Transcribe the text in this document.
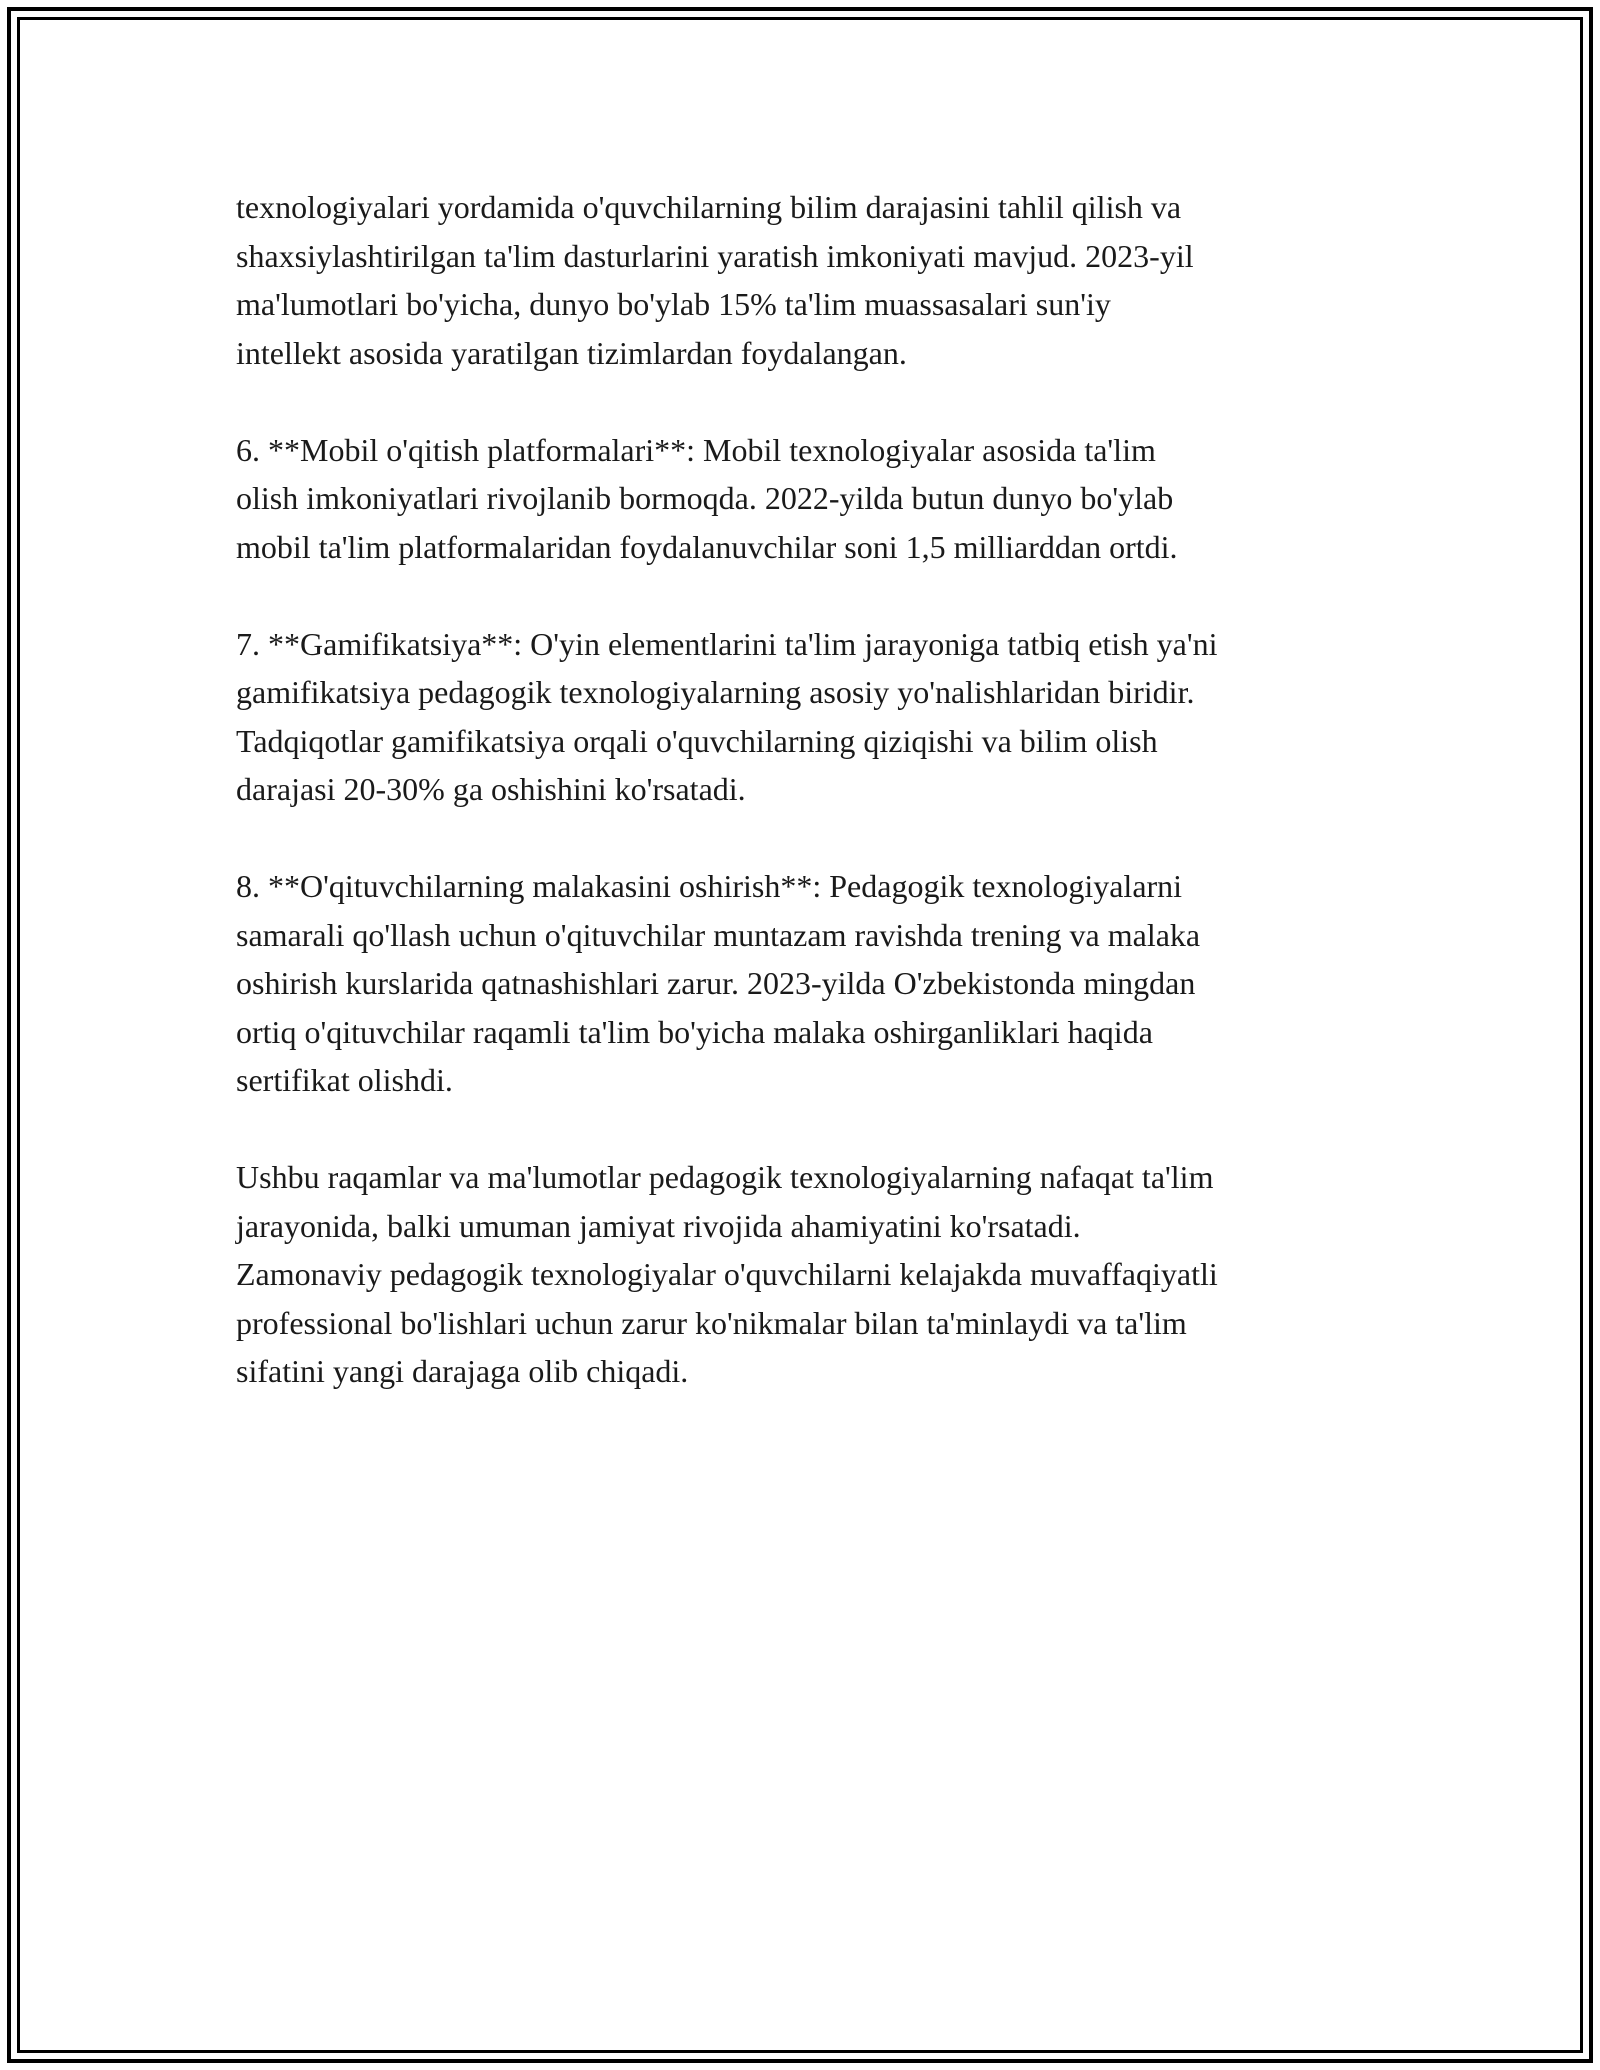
texnologiyalari yordamida o'quvchilarning bilim darajasini tahlil qilish va
shaxsiylashtirilgan ta'lim dasturlarini yaratish imkoniyati mavjud. 2023-yil
ma'lumotlari bo'yicha, dunyo bo'ylab 15% ta'lim muassasalari sun'iy
intellekt asosida yaratilgan tizimlardan foydalangan.

6. **Mobil o'qitish platformalari**: Mobil texnologiyalar asosida ta'lim
olish imkoniyatlari rivojlanib bormoqda. 2022-yilda butun dunyo bo'ylab
mobil ta'lim platformalaridan foydalanuvchilar soni 1,5 milliarddan ortdi.

7. **Gamifikatsiya**: O'yin elementlarini ta'lim jarayoniga tatbiq etish ya'ni
gamifikatsiya pedagogik texnologiyalarning asosiy yo'nalishlaridan biridir.
Tadqiqotlar gamifikatsiya orqali o'quvchilarning qiziqishi va bilim olish
darajasi 20-30% ga oshishini ko'rsatadi.

8. **O'qituvchilarning malakasini oshirish**: Pedagogik texnologiyalarni
samarali qo'llash uchun o'qituvchilar muntazam ravishda trening va malaka
oshirish kurslarida qatnashishlari zarur. 2023-yilda O'zbekistonda mingdan
ortiq o'qituvchilar raqamli ta'lim bo'yicha malaka oshirganliklari haqida
sertifikat olishdi.

Ushbu raqamlar va ma'lumotlar pedagogik texnologiyalarning nafaqat ta'lim
jarayonida, balki umuman jamiyat rivojida ahamiyatini ko'rsatadi.
Zamonaviy pedagogik texnologiyalar o'quvchilarni kelajakda muvaffaqiyatli
professional bo'lishlari uchun zarur ko'nikmalar bilan ta'minlaydi va ta'lim
sifatini yangi darajaga olib chiqadi.
